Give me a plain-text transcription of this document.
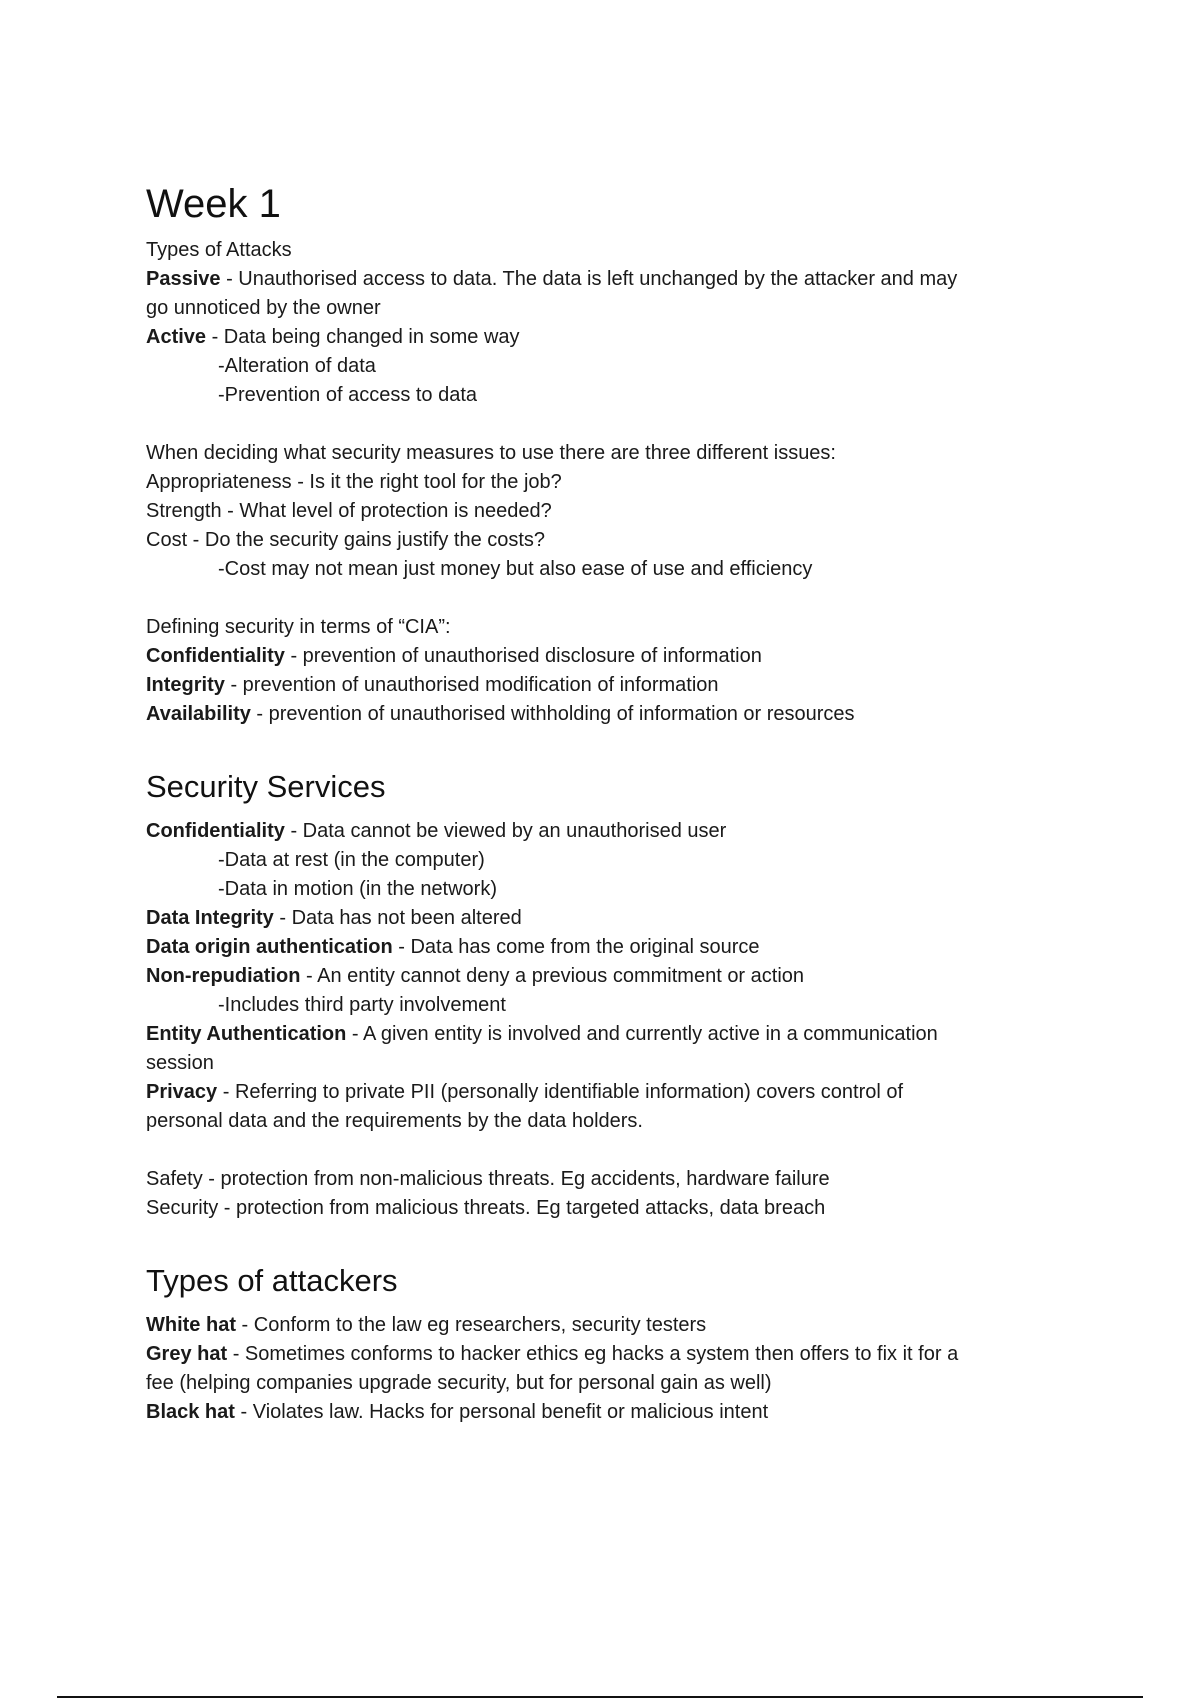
Week 1

Types of Attacks

Passive - Unauthorised access to data. The data is left unchanged by the attacker and may

go unnoticed by the owner

Active - Data being changed in some way

-Alteration of data

-Prevention of access to data

When deciding what security measures to use there are three different issues:

Appropriateness - Is it the right tool for the job?

Strength - What level of protection is needed?

Cost - Do the security gains justify the costs?

-Cost may not mean just money but also ease of use and efficiency

Defining security in terms of “CIA”:

Confidentiality - prevention of unauthorised disclosure of information

Integrity - prevention of unauthorised modification of information

Availability - prevention of unauthorised withholding of information or resources

Security Services

Confidentiality - Data cannot be viewed by an unauthorised user

-Data at rest (in the computer)

-Data in motion (in the network)

Data Integrity - Data has not been altered

Data origin authentication - Data has come from the original source

Non-repudiation - An entity cannot deny a previous commitment or action

-Includes third party involvement

Entity Authentication - A given entity is involved and currently active in a communication

session

Privacy - Referring to private PII (personally identifiable information) covers control of

personal data and the requirements by the data holders.

Safety - protection from non-malicious threats. Eg accidents, hardware failure

Security - protection from malicious threats. Eg targeted attacks, data breach

Types of attackers

White hat - Conform to the law eg researchers, security testers

Grey hat - Sometimes conforms to hacker ethics eg hacks a system then offers to fix it for a

fee (helping companies upgrade security, but for personal gain as well)

Black hat - Violates law. Hacks for personal benefit or malicious intent
